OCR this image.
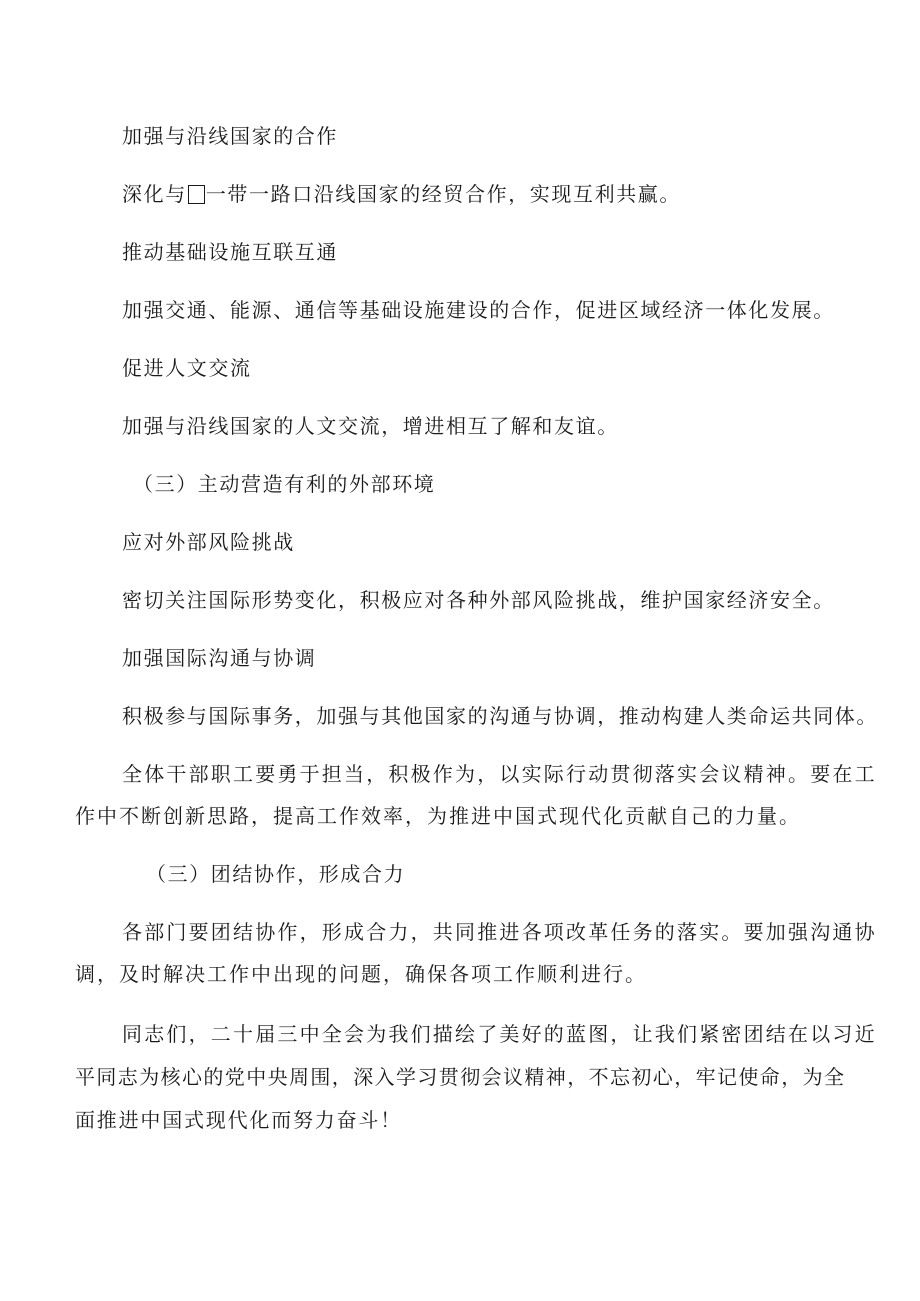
加强与沿线国家的合作
深化与 一带一路口沿线国家的经贸合作，实现互利共赢。
推动基础设施互联互通
加强交通、能源、通信等基础设施建设的合作，促进区域经济一体化发展。
促进人文交流
加强与沿线国家的人文交流，增进相互了解和友谊。
（三）主动营造有利的外部环境
应对外部风险挑战
密切关注国际形势变化，积极应对各种外部风险挑战，维护国家经济安全。
加强国际沟通与协调
积极参与国际事务，加强与其他国家的沟通与协调，推动构建人类命运共同体。
全体干部职工要勇于担当，积极作为，以实际行动贯彻落实会议精神。要在工
作中不断创新思路，提高工作效率，为推进中国式现代化贡献自己的力量。
（三）团结协作，形成合力
各部门要团结协作，形成合力，共同推进各项改革任务的落实。要加强沟通协
调，及时解决工作中出现的问题，确保各项工作顺利进行。
同志们，二十届三中全会为我们描绘了美好的蓝图，让我们紧密团结在以习近
平同志为核心的党中央周围，深入学习贯彻会议精神，不忘初心，牢记使命，为全
面推进中国式现代化而努力奋斗！
